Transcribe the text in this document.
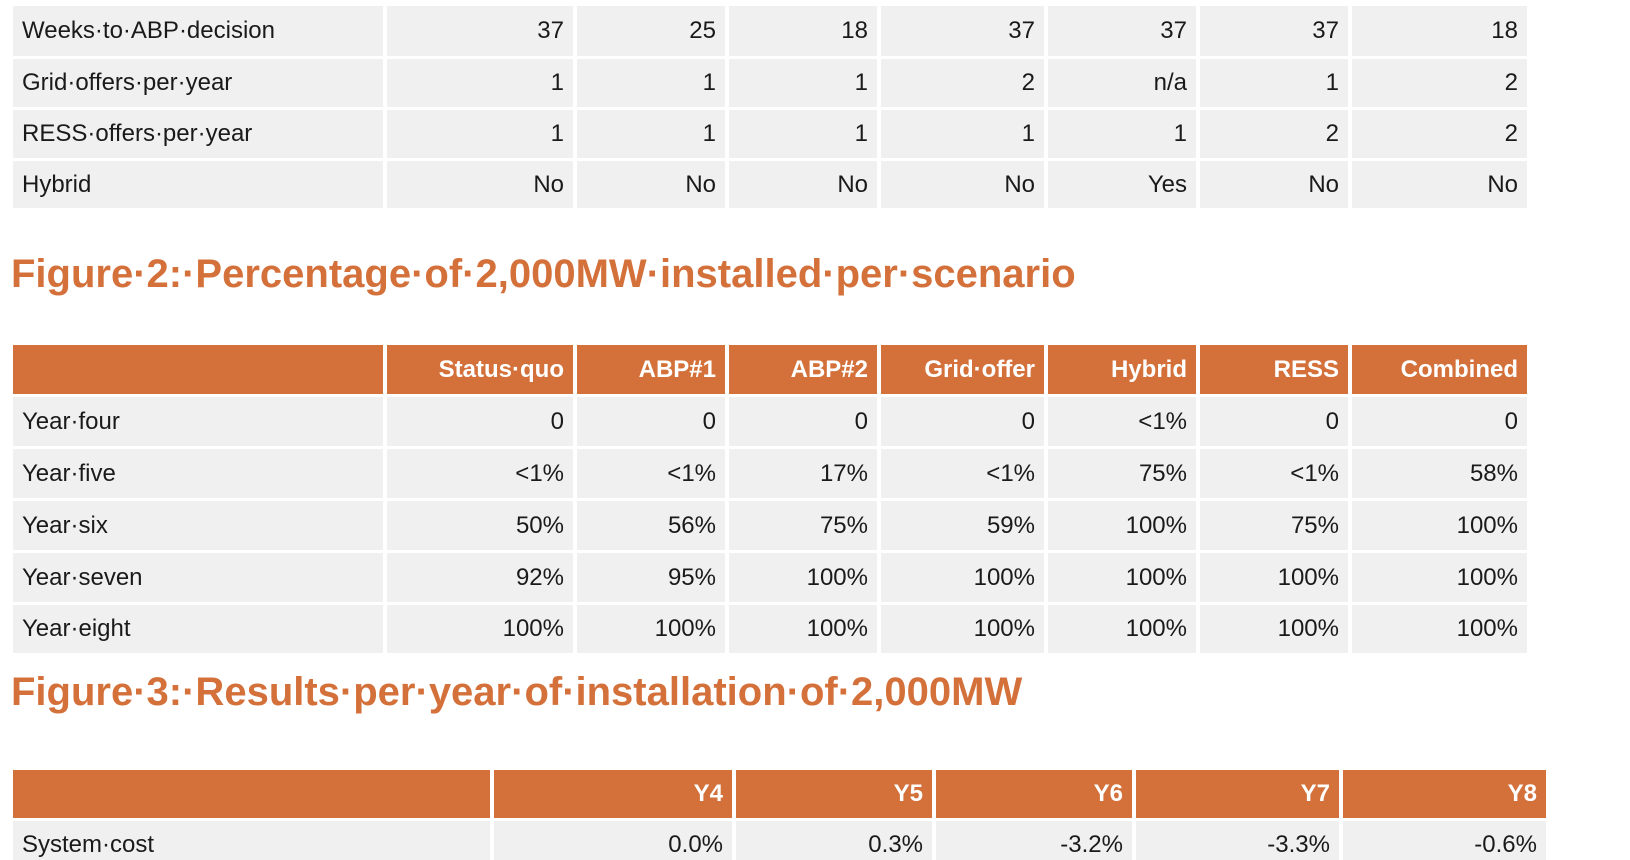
Weeks·to·ABP·decision	37	25	18	37	37	37	18
Grid·offers·per·year	1	1	1	2	n/a	1	2
RESS·offers·per·year	1	1	1	1	1	2	2
Hybrid	No	No	No	No	Yes	No	No
Figure·2:·Percentage·of·2,000MW·installed·per·scenario
	Status·quo	ABP#1	ABP#2	Grid·offer	Hybrid	RESS	Combined
Year·four	0	0	0	0	<1%	0	0
Year·five	<1%	<1%	17%	<1%	75%	<1%	58%
Year·six	50%	56%	75%	59%	100%	75%	100%
Year·seven	92%	95%	100%	100%	100%	100%	100%
Year·eight	100%	100%	100%	100%	100%	100%	100%
Figure·3:·Results·per·year·of·installation·of·2,000MW
	Y4	Y5	Y6	Y7	Y8
System·cost	0.0%	0.3%	-3.2%	-3.3%	-0.6%
